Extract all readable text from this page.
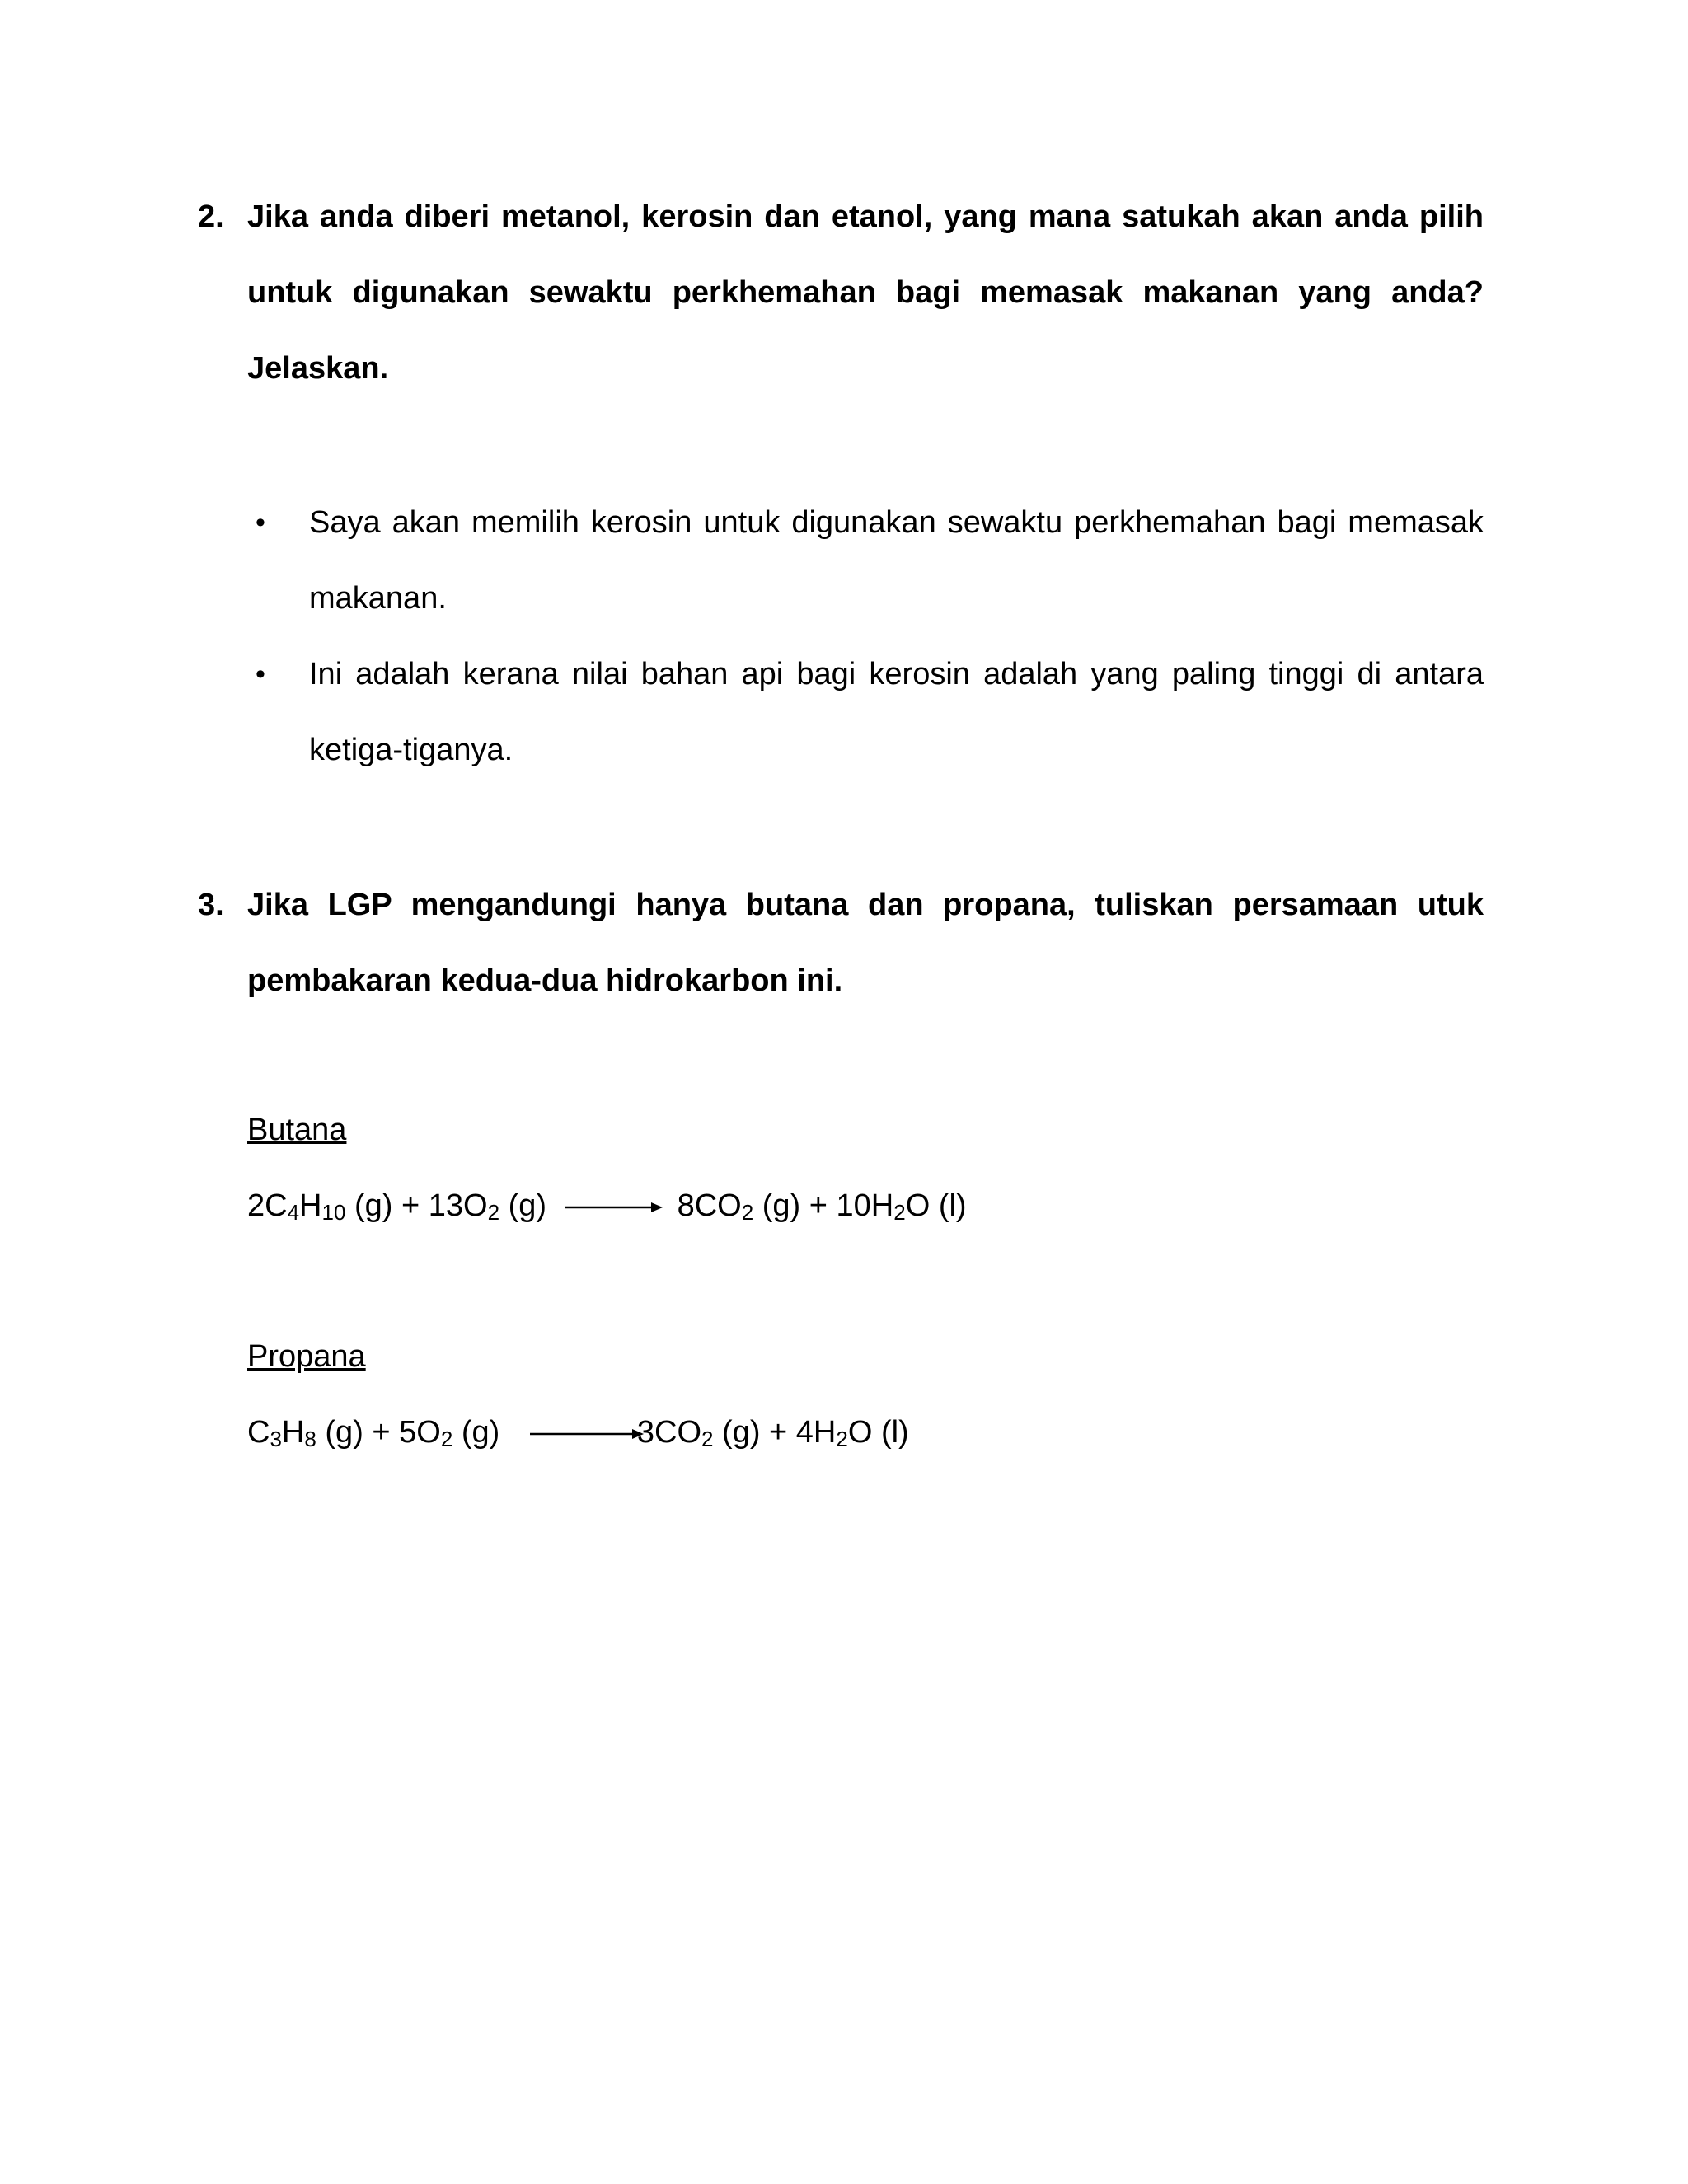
2. Jika anda diberi metanol, kerosin dan etanol, yang mana satukah akan anda pilih untuk digunakan sewaktu perkhemahan bagi memasak makanan yang anda? Jelaskan.
• Saya akan memilih kerosin untuk digunakan sewaktu perkhemahan bagi memasak makanan.
• Ini adalah kerana nilai bahan api bagi kerosin adalah yang paling tinggi di antara ketiga-tiganya.
3. Jika LGP mengandungi hanya butana dan propana, tuliskan persamaan utuk pembakaran kedua-dua hidrokarbon ini.
Butana
$2C_4H_{10}$ $(g) + 13O_2$ $(g) \to 8CO_2$ $(g) + 10H_2O$ (l)
Propana
$C_3H_8$ $(g) + 5O_2$ $(g) \to 3CO_2$ $(g) + 4H_2O$ (l)
